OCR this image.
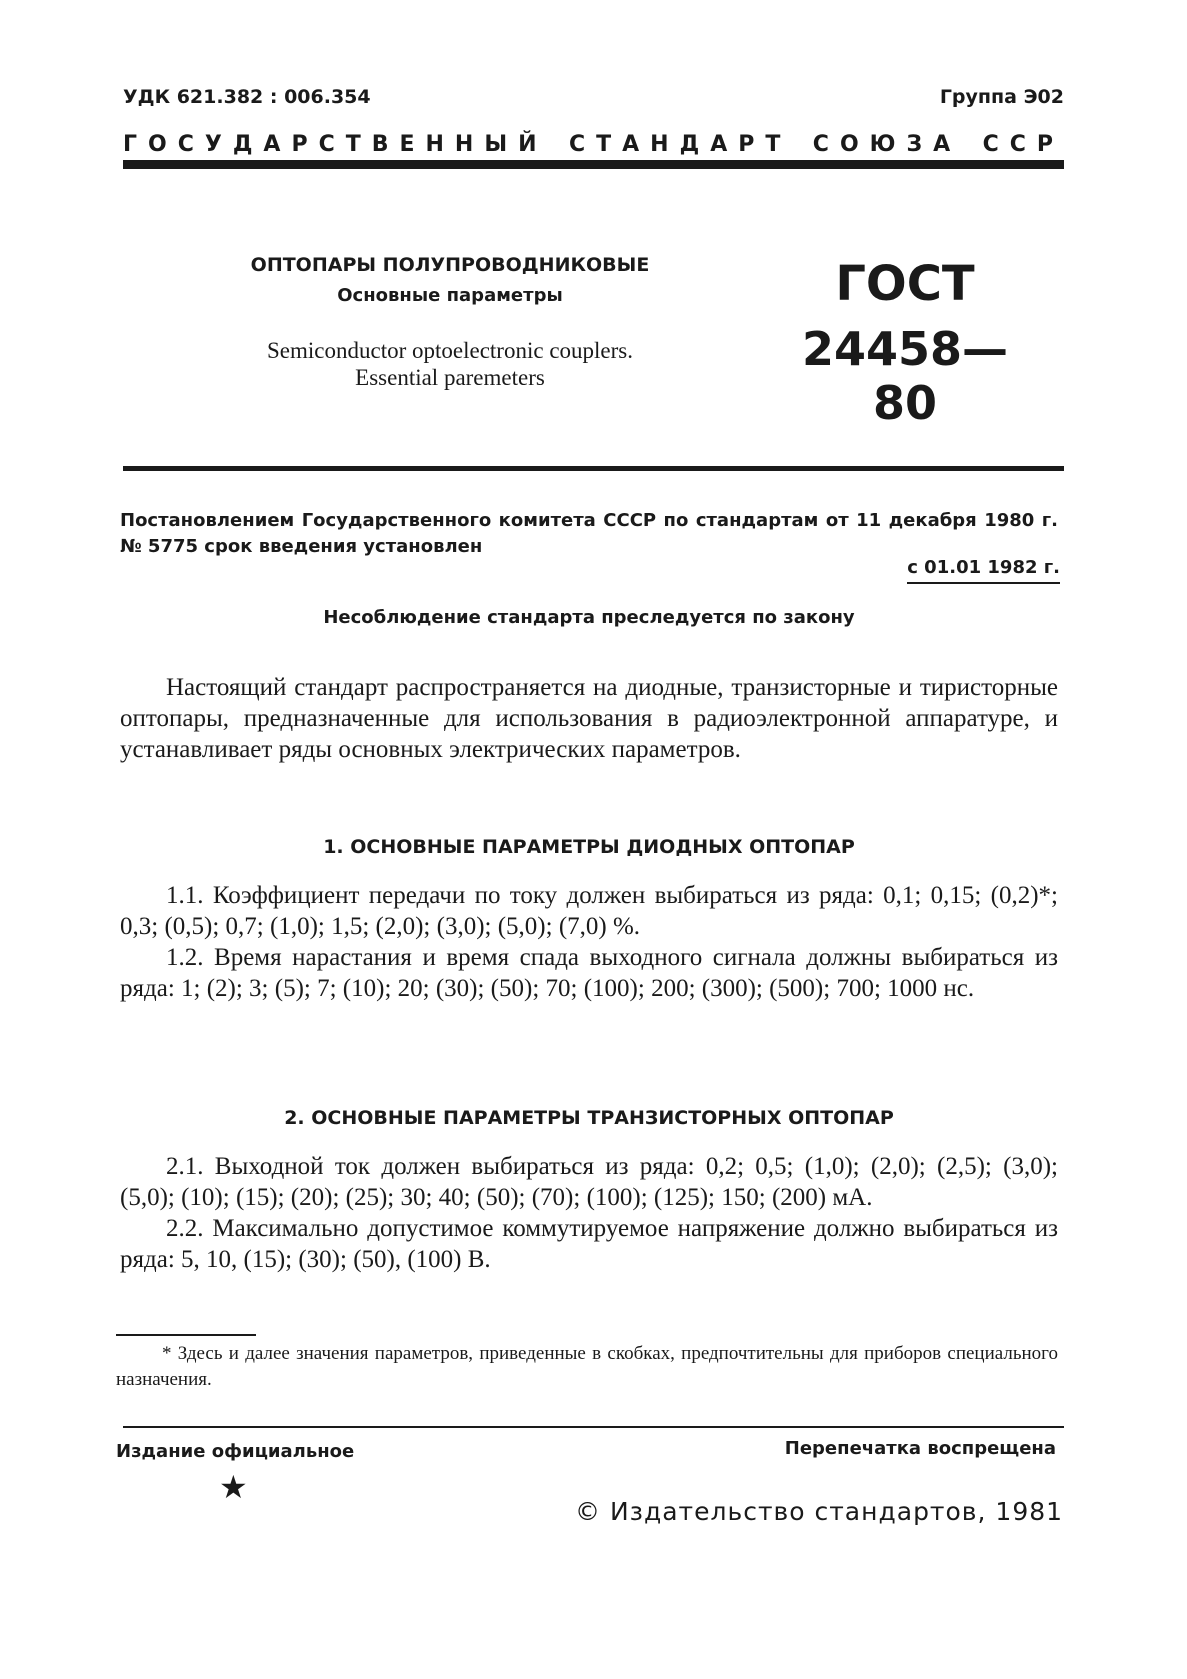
УДК 621.382 : 006.354	Группа Э02
ГОСУДАРСТВЕННЫЙ СТАНДАРТ СОЮЗА ССР
ОПТОПАРЫ ПОЛУПРОВОДНИКОВЫЕ
Основные параметры
Semiconductor optoelectronic couplers.
Essential paremeters
ГОСТ
24458—80
Постановлением Государственного комитета СССР по стандартам от 11 декабря 1980 г. № 5775 срок введения установлен
с 01.01 1982 г.
Несоблюдение стандарта преследуется по закону

Настоящий стандарт распространяется на диодные, транзисторные и тиристорные оптопары, предназначенные для использования в радиоэлектронной аппаратуре, и устанавливает ряды основных электрических параметров.

1. ОСНОВНЫЕ ПАРАМЕТРЫ ДИОДНЫХ ОПТОПАР

1.1. Коэффициент передачи по току должен выбираться из ряда: 0,1; 0,15; (0,2)*; 0,3; (0,5); 0,7; (1,0); 1,5; (2,0); (3,0); (5,0); (7,0) %.

1.2. Время нарастания и время спада выходного сигнала должны выбираться из ряда: 1; (2); 3; (5); 7; (10); 20; (30); (50); 70; (100); 200; (300); (500); 700; 1000 нс.

2. ОСНОВНЫЕ ПАРАМЕТРЫ ТРАНЗИСТОРНЫХ ОПТОПАР

2.1. Выходной ток должен выбираться из ряда: 0,2; 0,5; (1,0); (2,0); (2,5); (3,0); (5,0); (10); (15); (20); (25); 30; 40; (50); (70); (100); (125); 150; (200) мА.

2.2. Максимально допустимое коммутируемое напряжение должно выбираться из ряда: 5, 10, (15); (30); (50), (100) В.

* Здесь и далее значения параметров, приведенные в скобках, предпочтительны для приборов специального назначения.
Издание официальное	Перепечатка воспрещена
★
© Издательство стандартов, 1981
